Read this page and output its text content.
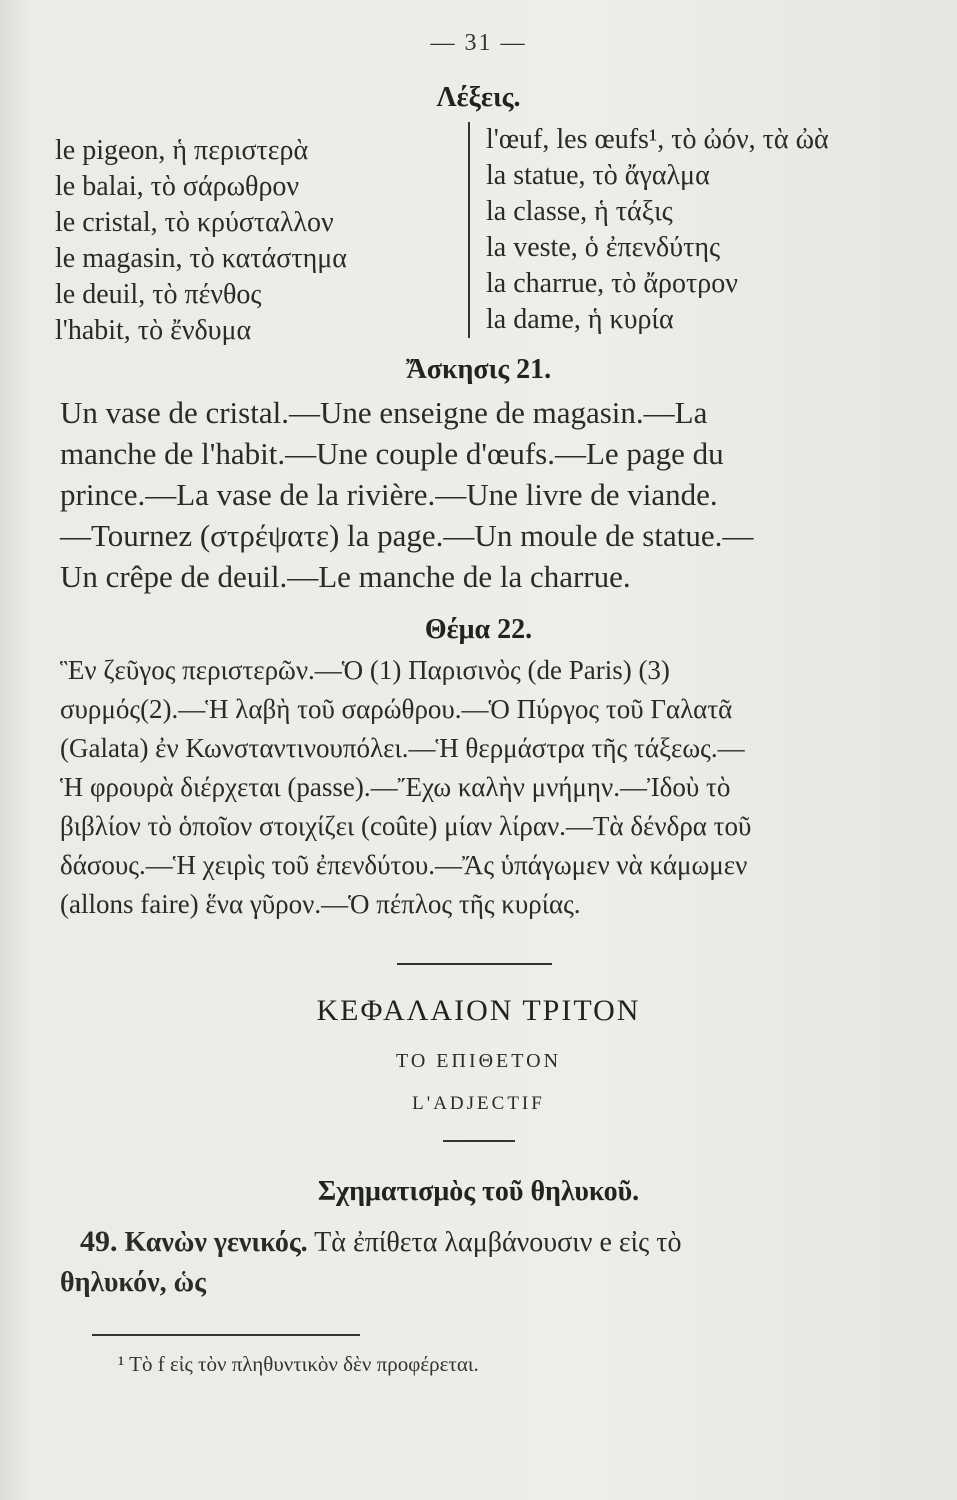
— 31 —
Λέξεις.
le pigeon, ἡ περιστερὰ
le balai, τὸ σάρωθρον
le cristal, τὸ κρύσταλλον
le magasin, τὸ κατάστημα
le deuil, τὸ πένθος
l'habit, τὸ ἔνδυμα
l'œuf, les œufs¹, τὸ ὠόν, τὰ ὠὰ
la statue, τὸ ἄγαλμα
la classe, ἡ τάξις
la veste, ὁ ἐπενδύτης
la charrue, τὸ ἄροτρον
la dame, ἡ κυρία
Ἄσκησις 21.
Un vase de cristal.—Une enseigne de magasin.—La
manche de l'habit.—Une couple d'œufs.—Le page du
prince.—La vase de la rivière.—Une livre de viande.
—Tournez (στρέψατε) la page.—Un moule de statue.—
Un crêpe de deuil.—Le manche de la charrue.
Θέμα 22.
Ἓν ζεῦγος περιστερῶν.—Ὁ (1) Παρισινὸς (de Paris) (3)
συρμός(2).—Ἡ λαβὴ τοῦ σαρώθρου.—Ὁ Πύργος τοῦ Γαλατᾶ
(Galata) ἐν Κωνσταντινουπόλει.—Ἡ θερμάστρα τῆς τάξεως.—
Ἡ φρουρὰ διέρχεται (passe).—Ἔχω καλὴν μνήμην.—Ἰδοὺ τὸ
βιβλίον τὸ ὁποῖον στοιχίζει (coûte) μίαν λίραν.—Τὰ δένδρα τοῦ
δάσους.—Ἡ χειρὶς τοῦ ἐπενδύτου.—Ἄς ὑπάγωμεν νὰ κάμωμεν
(allons faire) ἕνα γῦρον.—Ὁ πέπλος τῆς κυρίας.
ΚΕΦΑΛΑΙΟΝ ΤΡΙΤΟΝ
ΤΟ ΕΠΙΘΕΤΟΝ
L'ADJECTIF
Σχηματισμὸς τοῦ θηλυκοῦ.
49. Κανὼν γενικός. Τὰ ἐπίθετα λαμβάνουσιν e εἰς τὸ
θηλυκόν, ὡς
¹ Τὸ f εἰς τὸν πληθυντικὸν δὲν προφέρεται.
